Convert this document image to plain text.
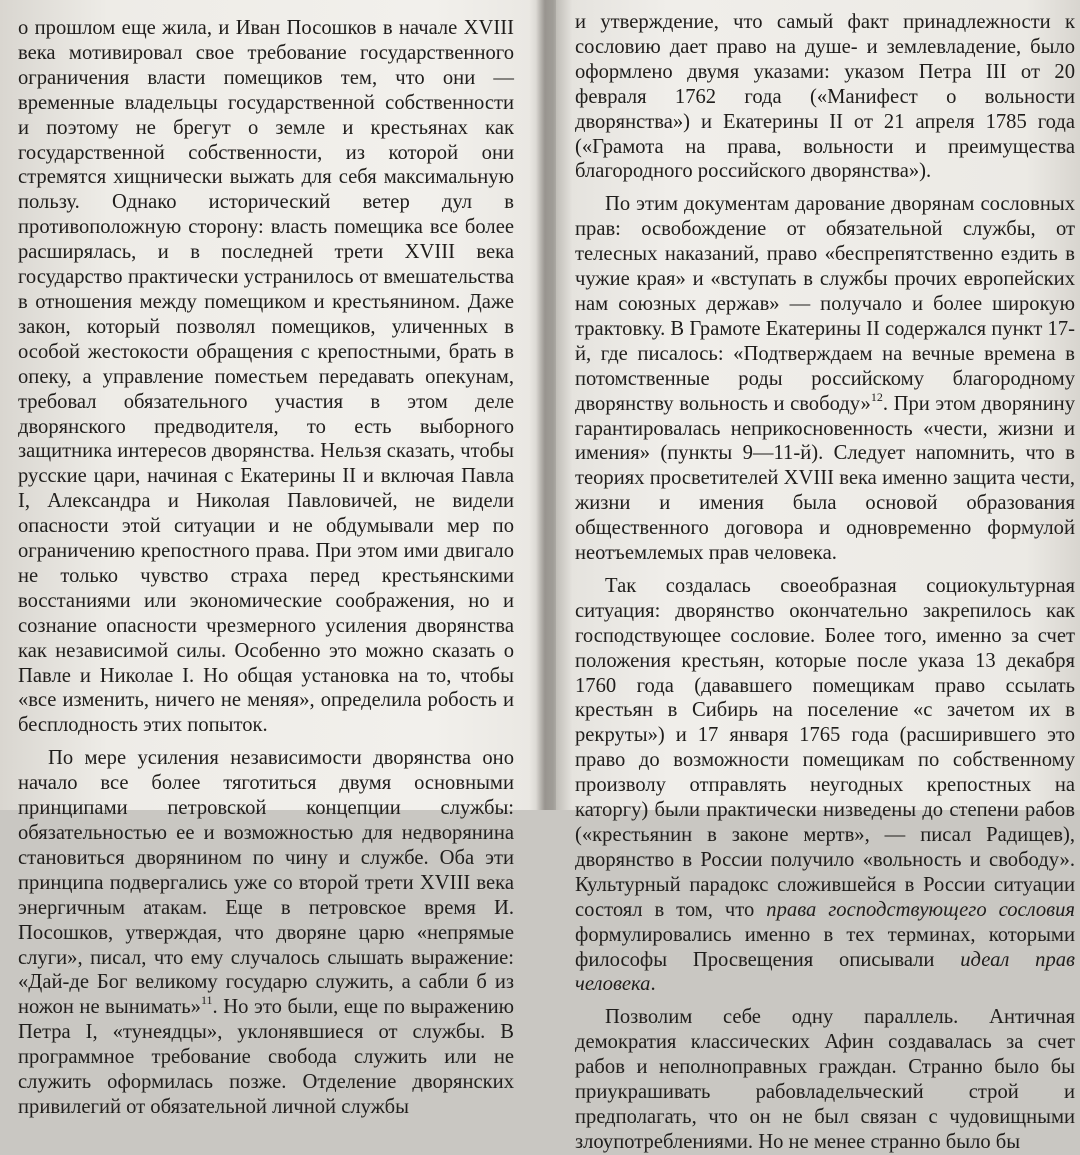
о прошлом еще жила, и Иван Посошков в начале XVIII века мотивировал свое требование государственного ограничения власти помещиков тем, что они — временные владельцы государственной собственности и поэтому не брегут о земле и крестьянах как государственной собственности, из которой они стремятся хищнически выжать для себя максимальную пользу. Однако исторический ветер дул в противоположную сторону: власть помещика все более расширялась, и в последней трети XVIII века государство практически устранилось от вмешательства в отношения между помещиком и крестьянином. Даже закон, который позволял помещиков, уличенных в особой жестокости обращения с крепостными, брать в опеку, а управление поместьем передавать опекунам, требовал обязательного участия в этом деле дворянского предводителя, то есть выборного защитника интересов дворянства. Нельзя сказать, чтобы русские цари, начиная с Екатерины II и включая Павла I, Александра и Николая Павловичей, не видели опасности этой ситуации и не обдумывали мер по ограничению крепостного права. При этом ими двигало не только чувство страха перед крестьянскими восстаниями или экономические соображения, но и сознание опасности чрезмерного усиления дворянства как независимой силы. Особенно это можно сказать о Павле и Николае I. Но общая установка на то, чтобы «все изменить, ничего не меняя», определила робость и бесплодность этих попыток.

По мере усиления независимости дворянства оно начало все более тяготиться двумя основными принципами петровской концепции службы: обязательностью ее и возможностью для недворянина становиться дворянином по чину и службе. Оба эти принципа подвергались уже со второй трети XVIII века энергичным атакам. Еще в петровское время И. Посошков, утверждая, что дворяне царю «непрямые слуги», писал, что ему случалось слышать выражение: «Дай-де Бог великому государю служить, а сабли б из ножон не вынимать»$^{11}$. Но это были, еще по выражению Петра I, «тунеядцы», уклонявшиеся от службы. В программное требование свобода служить или не служить оформилась позже. Отделение дворянских привилегий от обязательной личной службы

и утверждение, что самый факт принадлежности к сословию дает право на душе- и землевладение, было оформлено двумя указами: указом Петра III от 20 февраля 1762 года («Манифест о вольности дворянства») и Екатерины II от 21 апреля 1785 года («Грамота на права, вольности и преимущества благородного российского дворянства»).

По этим документам дарование дворянам сословных прав: освобождение от обязательной службы, от телесных наказаний, право «беспрепятственно ездить в чужие края» и «вступать в службы прочих европейских нам союзных держав» — получало и более широкую трактовку. В Грамоте Екатерины II содержался пункт 17-й, где писалось: «Подтверждаем на вечные времена в потомственные роды российскому благородному дворянству вольность и свободу»$^{12}$. При этом дворянину гарантировалась неприкосновенность «чести, жизни и имения» (пункты 9—11-й). Следует напомнить, что в теориях просветителей XVIII века именно защита чести, жизни и имения была основой образования общественного договора и одновременно формулой неотъемлемых прав человека.

Так создалась своеобразная социокультурная ситуация: дворянство окончательно закрепилось как господствующее сословие. Более того, именно за счет положения крестьян, которые после указа 13 декабря 1760 года (дававшего помещикам право ссылать крестьян в Сибирь на поселение «с зачетом их в рекруты») и 17 января 1765 года (расширившего это право до возможности помещикам по собственному произволу отправлять неугодных крепостных на каторгу) были практически низведены до степени рабов («крестьянин в законе мертв», — писал Радищев), дворянство в России получило «вольность и свободу». Культурный парадокс сложившейся в России ситуации состоял в том, что права господствующего сословия формулировались именно в тех терминах, которыми философы Просвещения описывали идеал прав человека.

Позволим себе одну параллель. Античная демократия классических Афин создавалась за счет рабов и неполноправных граждан. Странно было бы приукрашивать рабовладельческий строй и предполагать, что он не был связан с чудовищными злоупотреблениями. Но не менее странно было бы
